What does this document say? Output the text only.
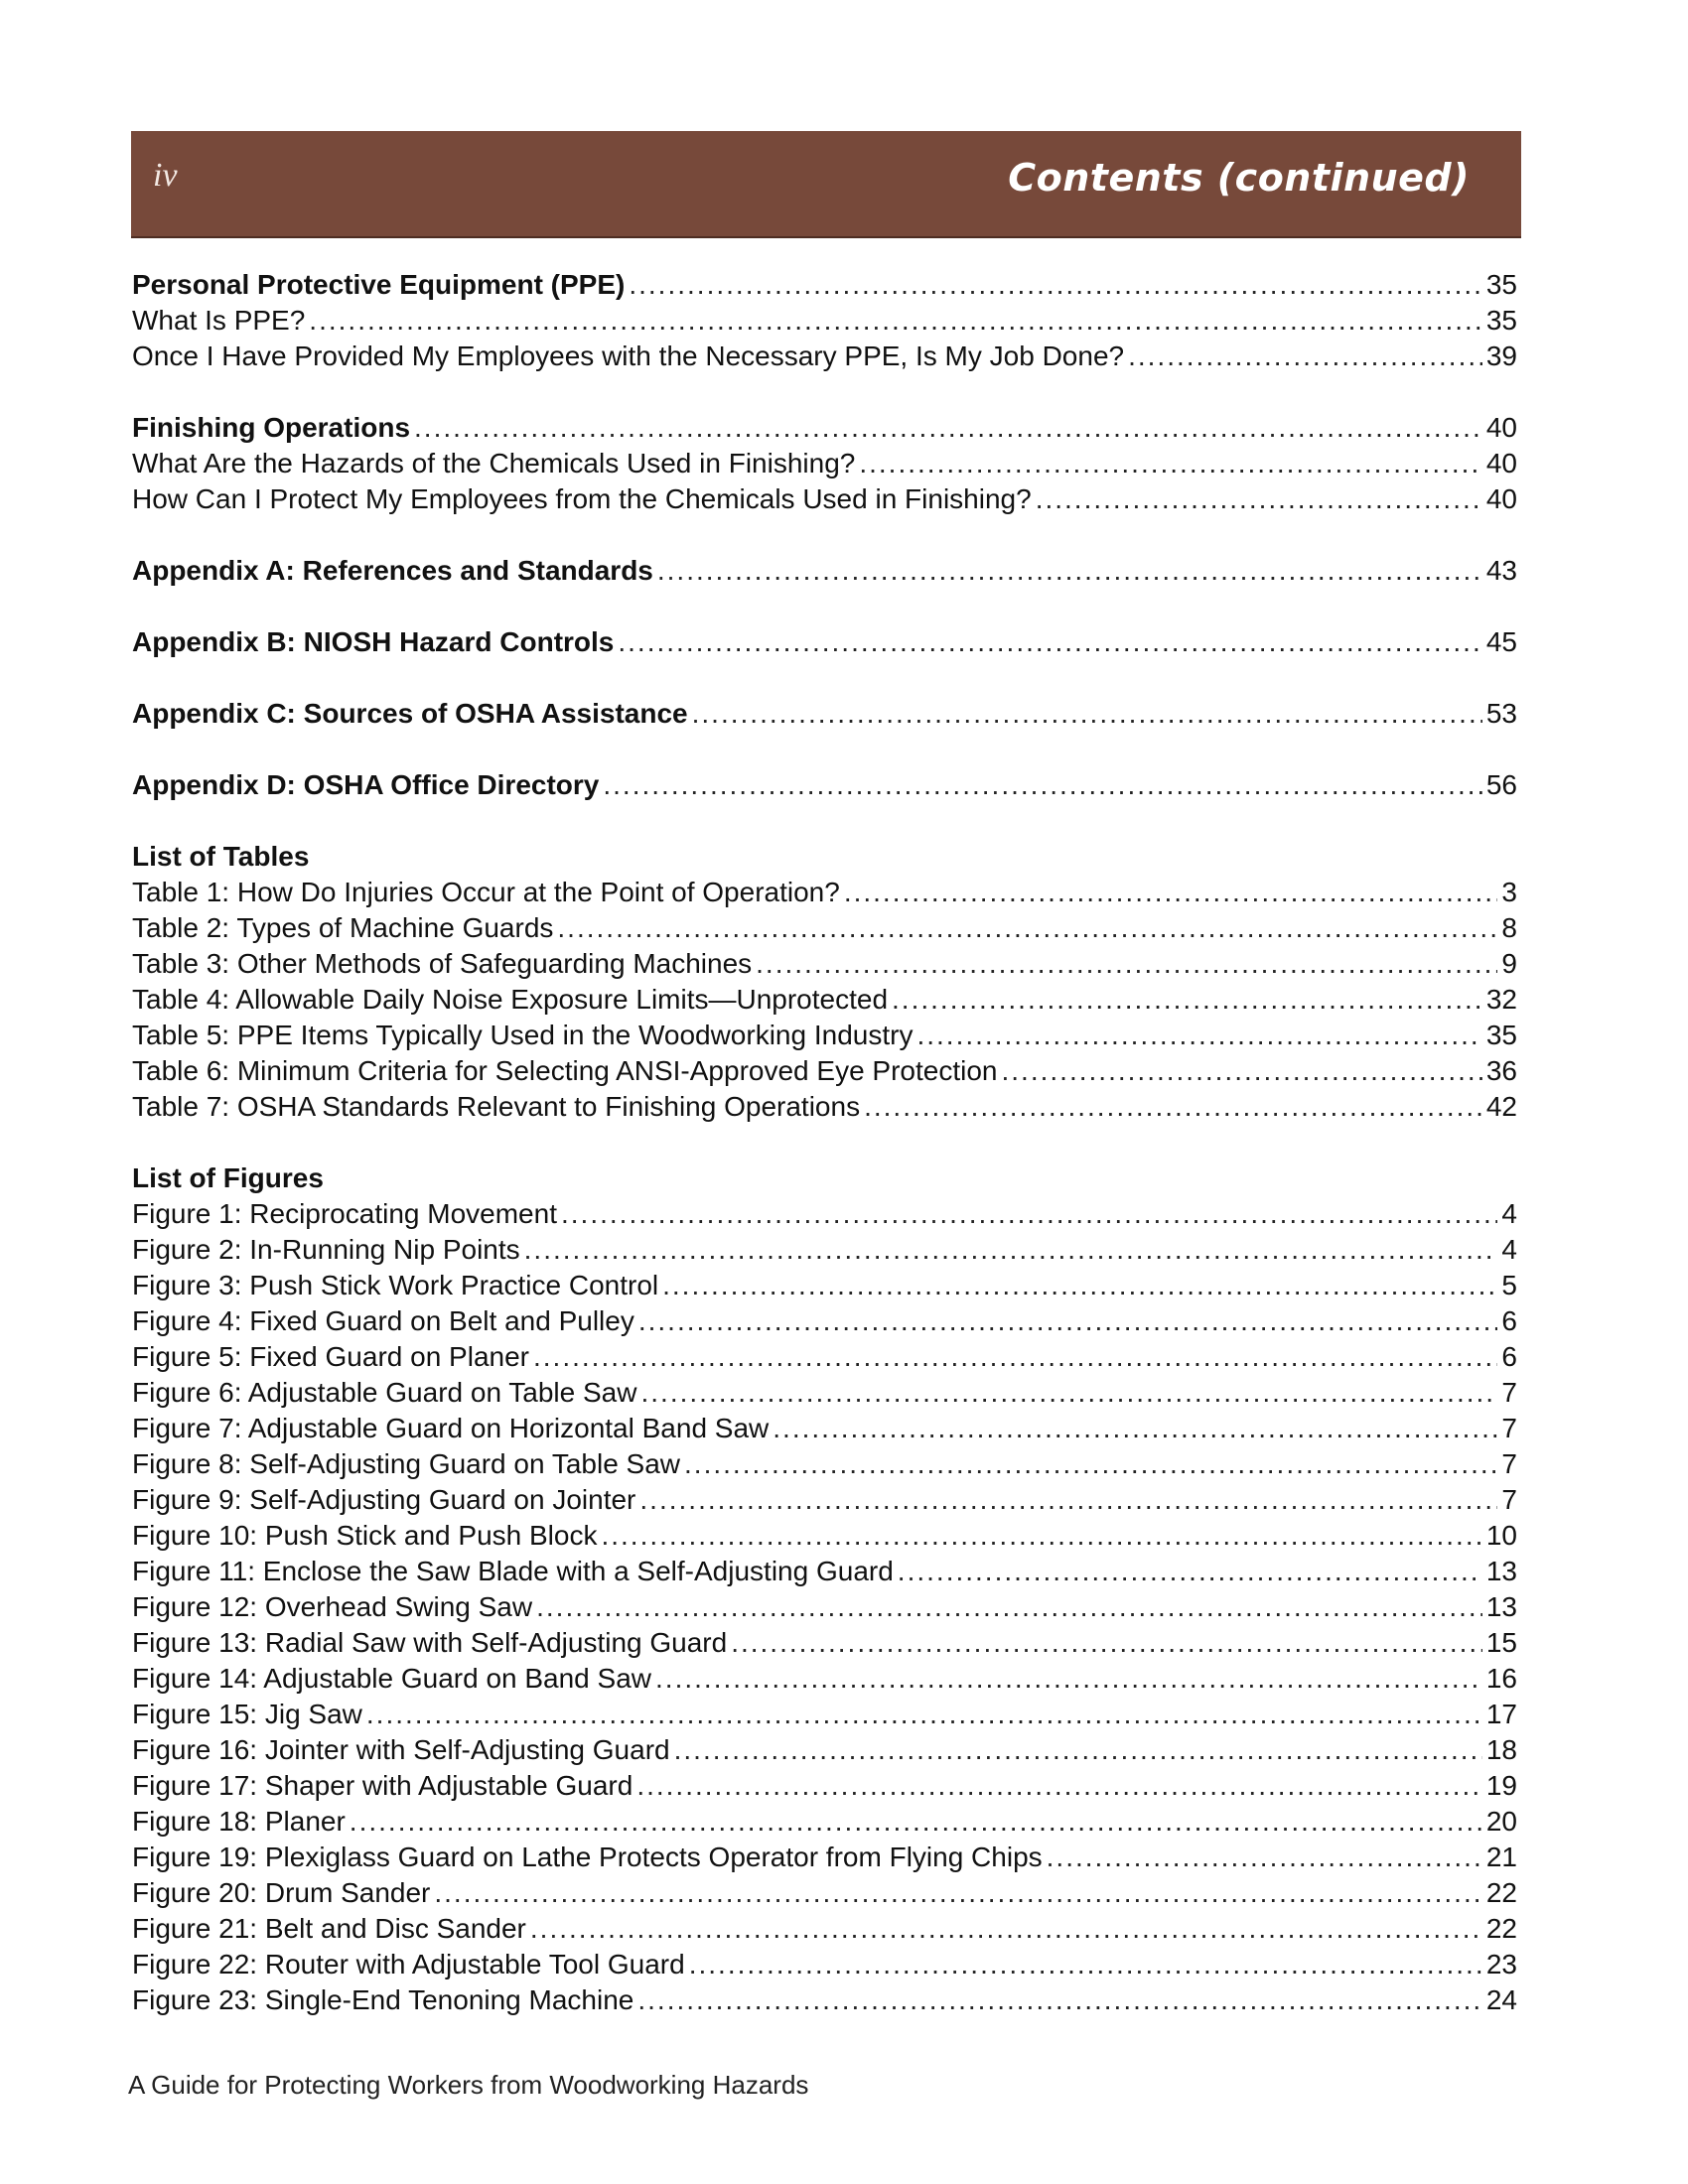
iv	Contents (continued)
Personal Protective Equipment (PPE) .....	35
What Is PPE? .....	35
Once I Have Provided My Employees with the Necessary PPE, Is My Job Done? .....	39
Finishing Operations .....	40
What Are the Hazards of the Chemicals Used in Finishing? .....	40
How Can I Protect My Employees from the Chemicals Used in Finishing? .....	40
Appendix A: References and Standards .....	43
Appendix B: NIOSH Hazard Controls .....	45
Appendix C: Sources of OSHA Assistance .....	53
Appendix D: OSHA Office Directory .....	56
List of Tables
Table 1: How Do Injuries Occur at the Point of Operation? .....	3
Table 2: Types of Machine Guards .....	8
Table 3: Other Methods of Safeguarding Machines .....	9
Table 4: Allowable Daily Noise Exposure Limits—Unprotected .....	32
Table 5: PPE Items Typically Used in the Woodworking Industry .....	35
Table 6: Minimum Criteria for Selecting ANSI-Approved Eye Protection .....	36
Table 7: OSHA Standards Relevant to Finishing Operations .....	42
List of Figures
Figure 1: Reciprocating Movement .....	4
Figure 2: In-Running Nip Points .....	4
Figure 3: Push Stick Work Practice Control .....	5
Figure 4: Fixed Guard on Belt and Pulley .....	6
Figure 5: Fixed Guard on Planer .....	6
Figure 6: Adjustable Guard on Table Saw .....	7
Figure 7: Adjustable Guard on Horizontal Band Saw .....	7
Figure 8: Self-Adjusting Guard on Table Saw .....	7
Figure 9: Self-Adjusting Guard on Jointer .....	7
Figure 10: Push Stick and Push Block .....	10
Figure 11: Enclose the Saw Blade with a Self-Adjusting Guard .....	13
Figure 12: Overhead Swing Saw .....	13
Figure 13: Radial Saw with Self-Adjusting Guard .....	15
Figure 14: Adjustable Guard on Band Saw .....	16
Figure 15: Jig Saw .....	17
Figure 16: Jointer with Self-Adjusting Guard .....	18
Figure 17: Shaper with Adjustable Guard .....	19
Figure 18: Planer .....	20
Figure 19: Plexiglass Guard on Lathe Protects Operator from Flying Chips .....	21
Figure 20: Drum Sander .....	22
Figure 21: Belt and Disc Sander .....	22
Figure 22: Router with Adjustable Tool Guard .....	23
Figure 23: Single-End Tenoning Machine .....	24
A Guide for Protecting Workers from Woodworking Hazards
